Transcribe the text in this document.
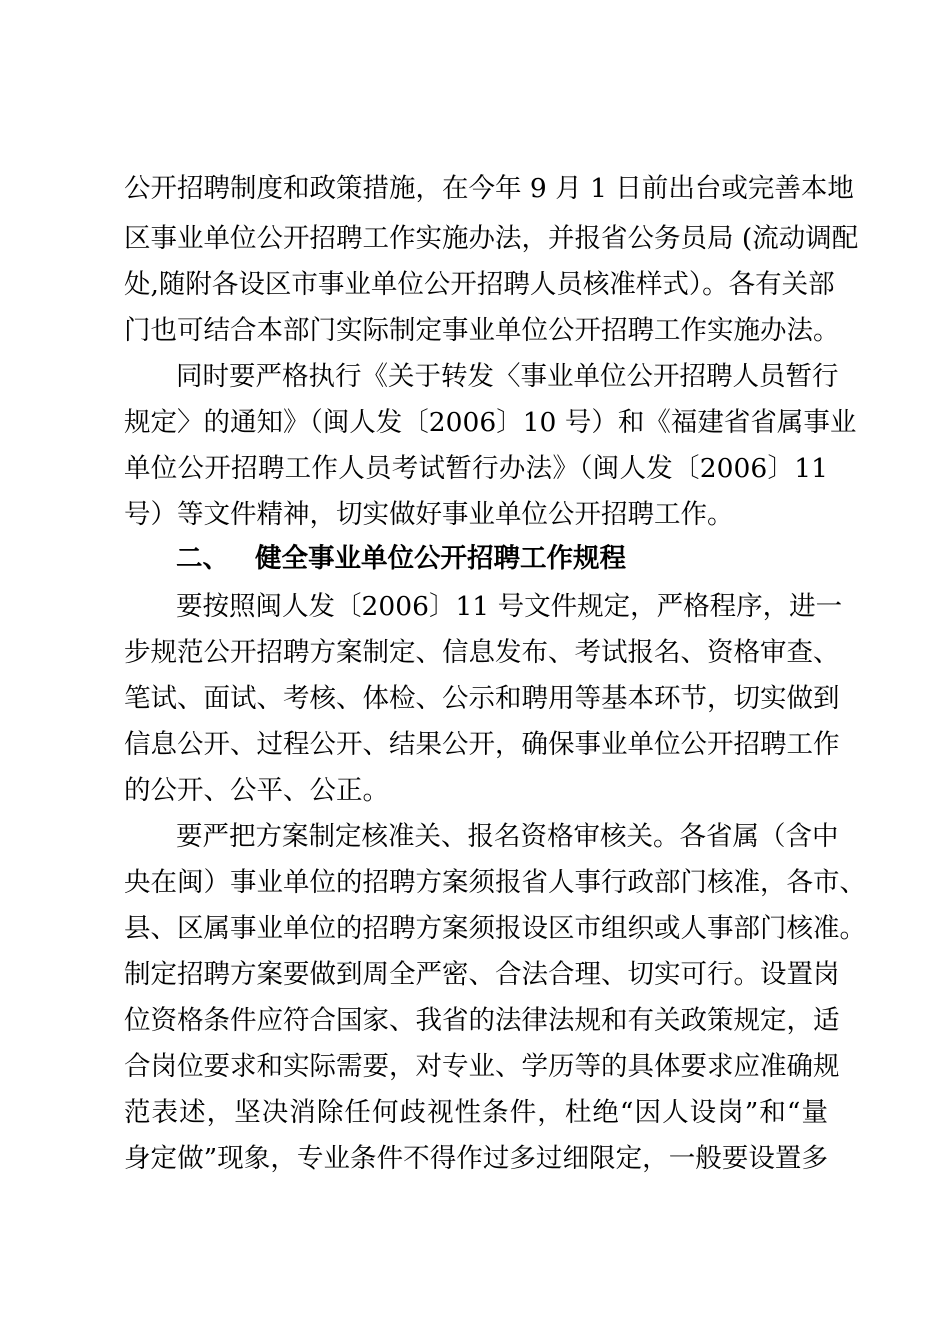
公开招聘制度和政策措施，在今年 9 月 1 日前出台或完善本地
区事业单位公开招聘工作实施办法，并报省公务员局 (流动调配
处,随附各设区市事业单位公开招聘人员核准样式）。各有关部
门也可结合本部门实际制定事业单位公开招聘工作实施办法。
同时要严格执行《关于转发〈事业单位公开招聘人员暂行
规定〉的通知》（闽人发〔2006〕10 号）和《福建省省属事业
单位公开招聘工作人员考试暂行办法》（闽人发〔2006〕11
号）等文件精神，切实做好事业单位公开招聘工作。
二、 健全事业单位公开招聘工作规程
要按照闽人发〔2006〕11 号文件规定，严格程序，进一
步规范公开招聘方案制定、信息发布、考试报名、资格审查、
笔试、面试、考核、体检、公示和聘用等基本环节，切实做到
信息公开、过程公开、结果公开，确保事业单位公开招聘工作
的公开、公平、公正。
要严把方案制定核准关、报名资格审核关。各省属（含中
央在闽）事业单位的招聘方案须报省人事行政部门核准，各市、
县、区属事业单位的招聘方案须报设区市组织或人事部门核准。
制定招聘方案要做到周全严密、合法合理、切实可行。设置岗
位资格条件应符合国家、我省的法律法规和有关政策规定，适
合岗位要求和实际需要，对专业、学历等的具体要求应准确规
范表述，坚决消除任何歧视性条件，杜绝“因人设岗”和“量
身定做”现象，专业条件不得作过多过细限定，一般要设置多
